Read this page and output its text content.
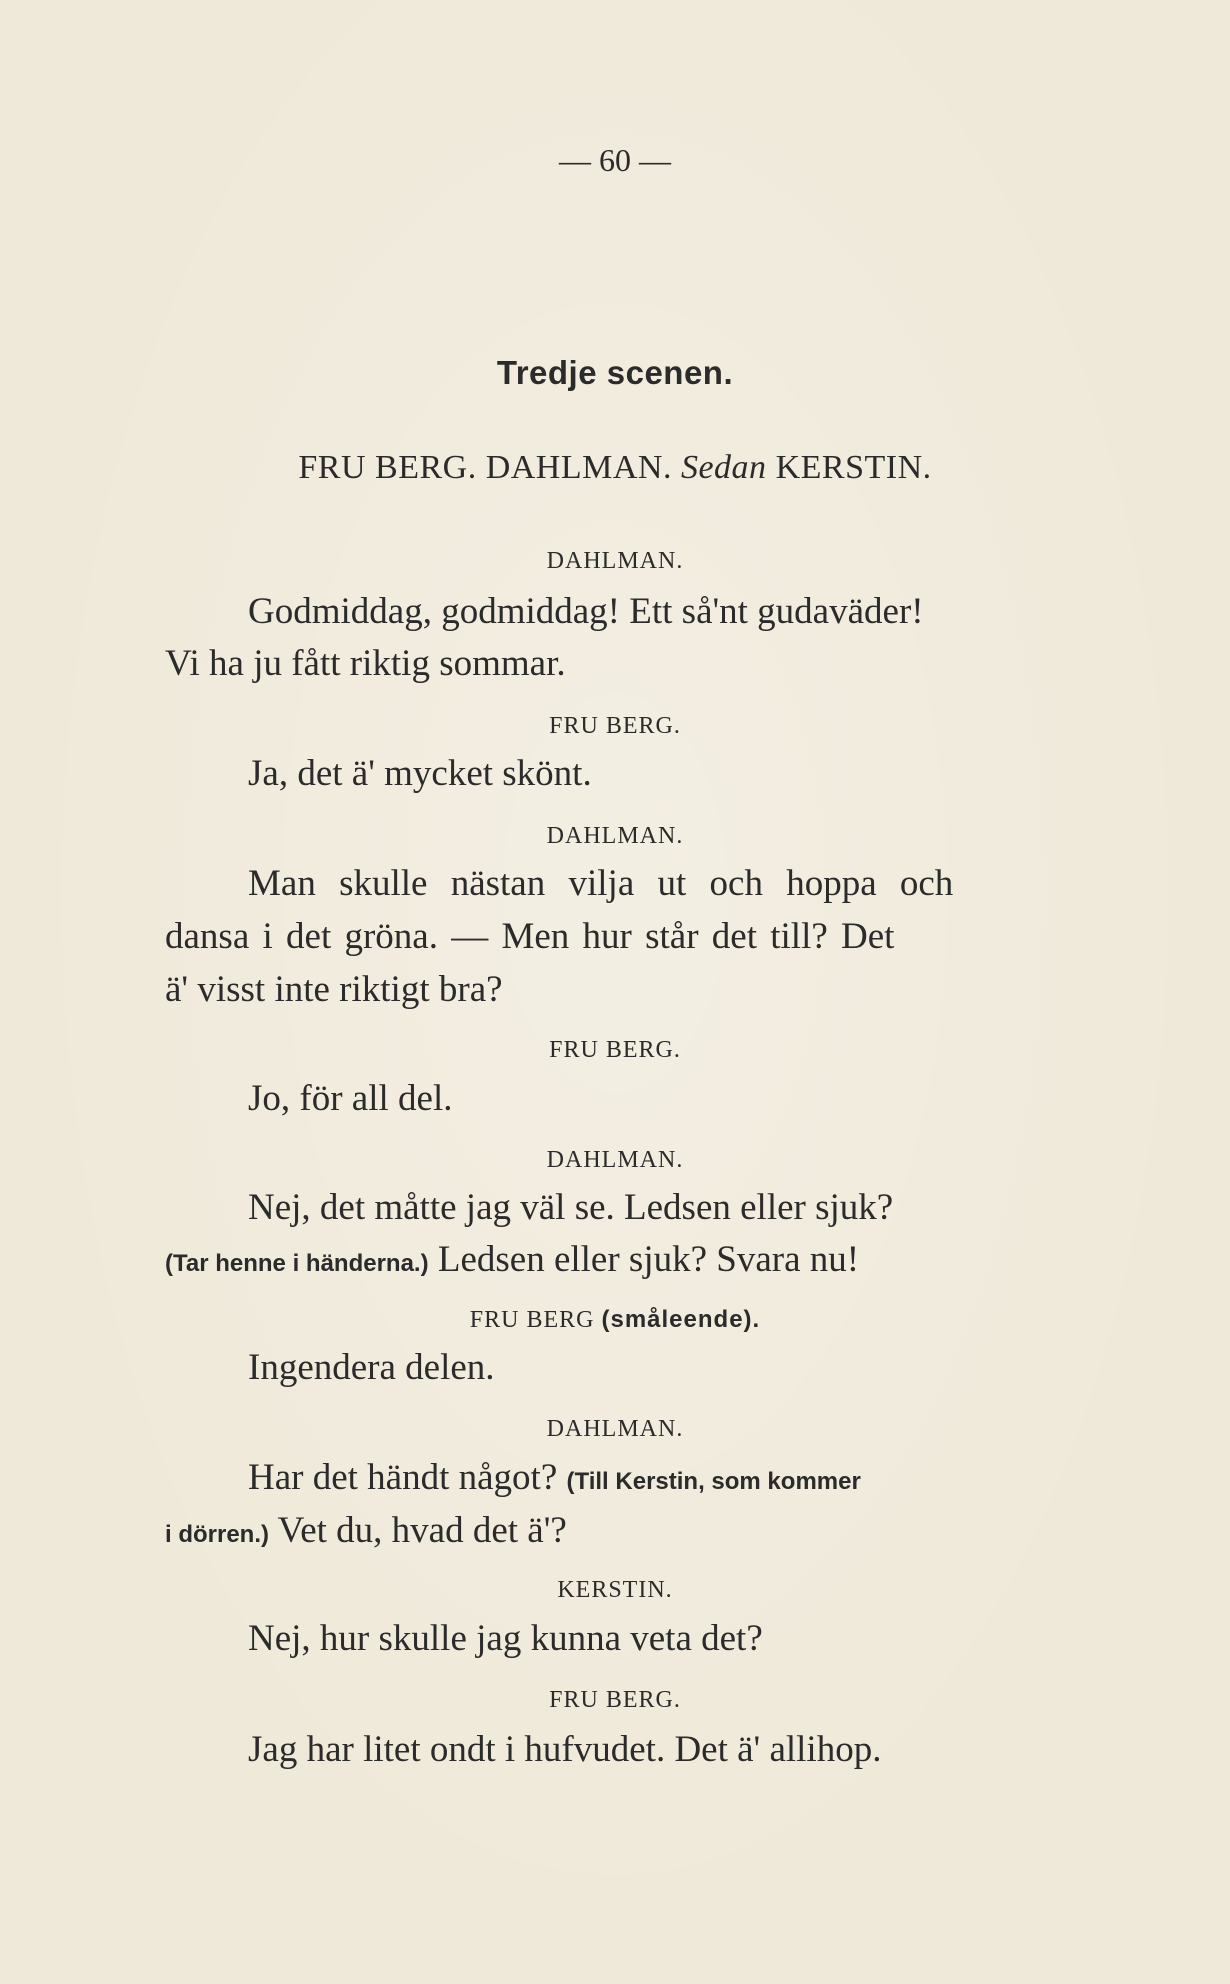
— 60 —
Tredje scenen.
FRU BERG. DAHLMAN. Sedan KERSTIN.
DAHLMAN.
Godmiddag, godmiddag! Ett så'nt gudaväder!
Vi ha ju fått riktig sommar.
FRU BERG.
Ja, det ä' mycket skönt.
DAHLMAN.
Man skulle nästan vilja ut och hoppa och
dansa i det gröna. — Men hur står det till? Det
ä' visst inte riktigt bra?
FRU BERG.
Jo, för all del.
DAHLMAN.
Nej, det måtte jag väl se. Ledsen eller sjuk?
(Tar henne i händerna.) Ledsen eller sjuk? Svara nu!
FRU BERG (småleende).
Ingendera delen.
DAHLMAN.
Har det händt något? (Till Kerstin, som kommer
i dörren.) Vet du, hvad det ä'?
KERSTIN.
Nej, hur skulle jag kunna veta det?
FRU BERG.
Jag har litet ondt i hufvudet. Det ä' allihop.
